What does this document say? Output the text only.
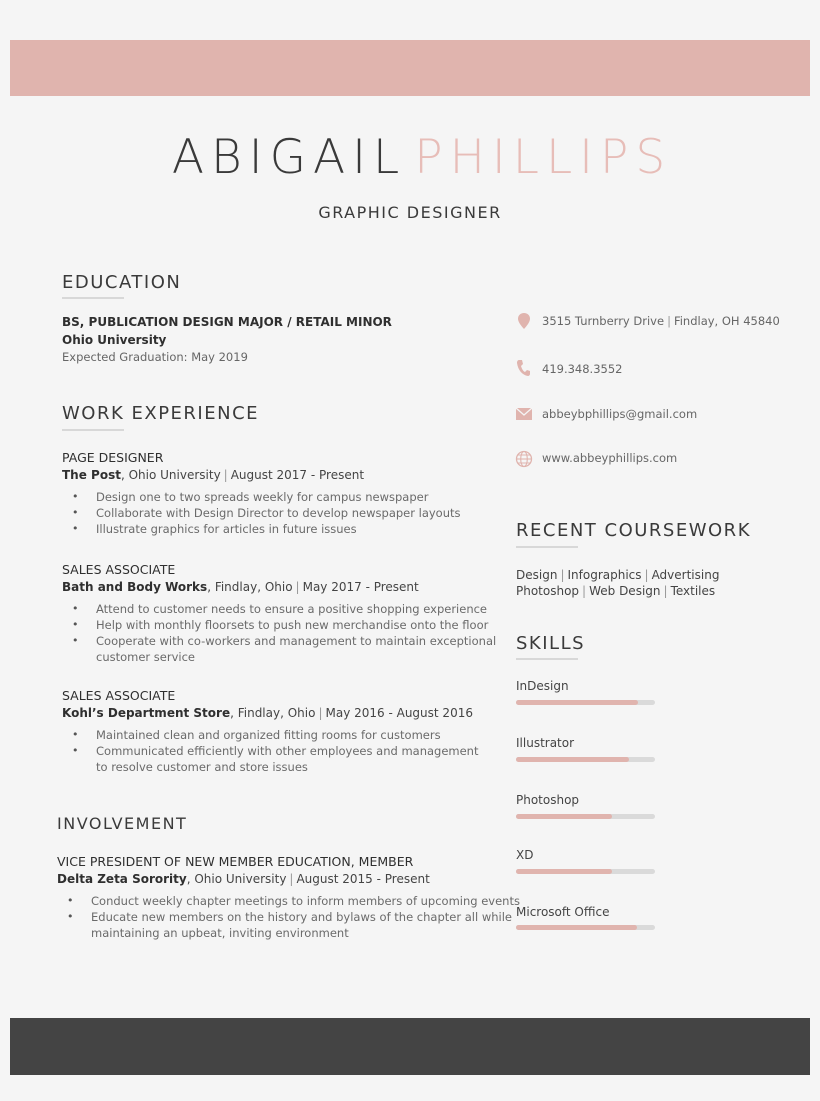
ABIGAIL PHILLIPS
GRAPHIC DESIGNER
EDUCATION
BS, PUBLICATION DESIGN MAJOR / RETAIL MINOR
Ohio University
Expected Graduation: May 2019
WORK EXPERIENCE
PAGE DESIGNER
The Post, Ohio University | August 2017 - Present
• Design one to two spreads weekly for campus newspaper
• Collaborate with Design Director to develop newspaper layouts
• Illustrate graphics for articles in future issues
SALES ASSOCIATE
Bath and Body Works, Findlay, Ohio | May 2017 - Present
• Attend to customer needs to ensure a positive shopping experience
• Help with monthly floorsets to push new merchandise onto the floor
• Cooperate with co-workers and management to maintain exceptional
customer service
SALES ASSOCIATE
Kohl’s Department Store, Findlay, Ohio | May 2016 - August 2016
• Maintained clean and organized fitting rooms for customers
• Communicated efficiently with other employees and management
to resolve customer and store issues
INVOLVEMENT
VICE PRESIDENT OF NEW MEMBER EDUCATION, MEMBER
Delta Zeta Sorority, Ohio University | August 2015 - Present
• Conduct weekly chapter meetings to inform members of upcoming events
• Educate new members on the history and bylaws of the chapter all while
maintaining an upbeat, inviting environment
3515 Turnberry Drive | Findlay, OH 45840
419.348.3552
abbeybphillips@gmail.com
www.abbeyphillips.com
RECENT COURSEWORK
Design | Infographics | Advertising
Photoshop | Web Design | Textiles
SKILLS
InDesign
Illustrator
Photoshop
XD
Microsoft Office
